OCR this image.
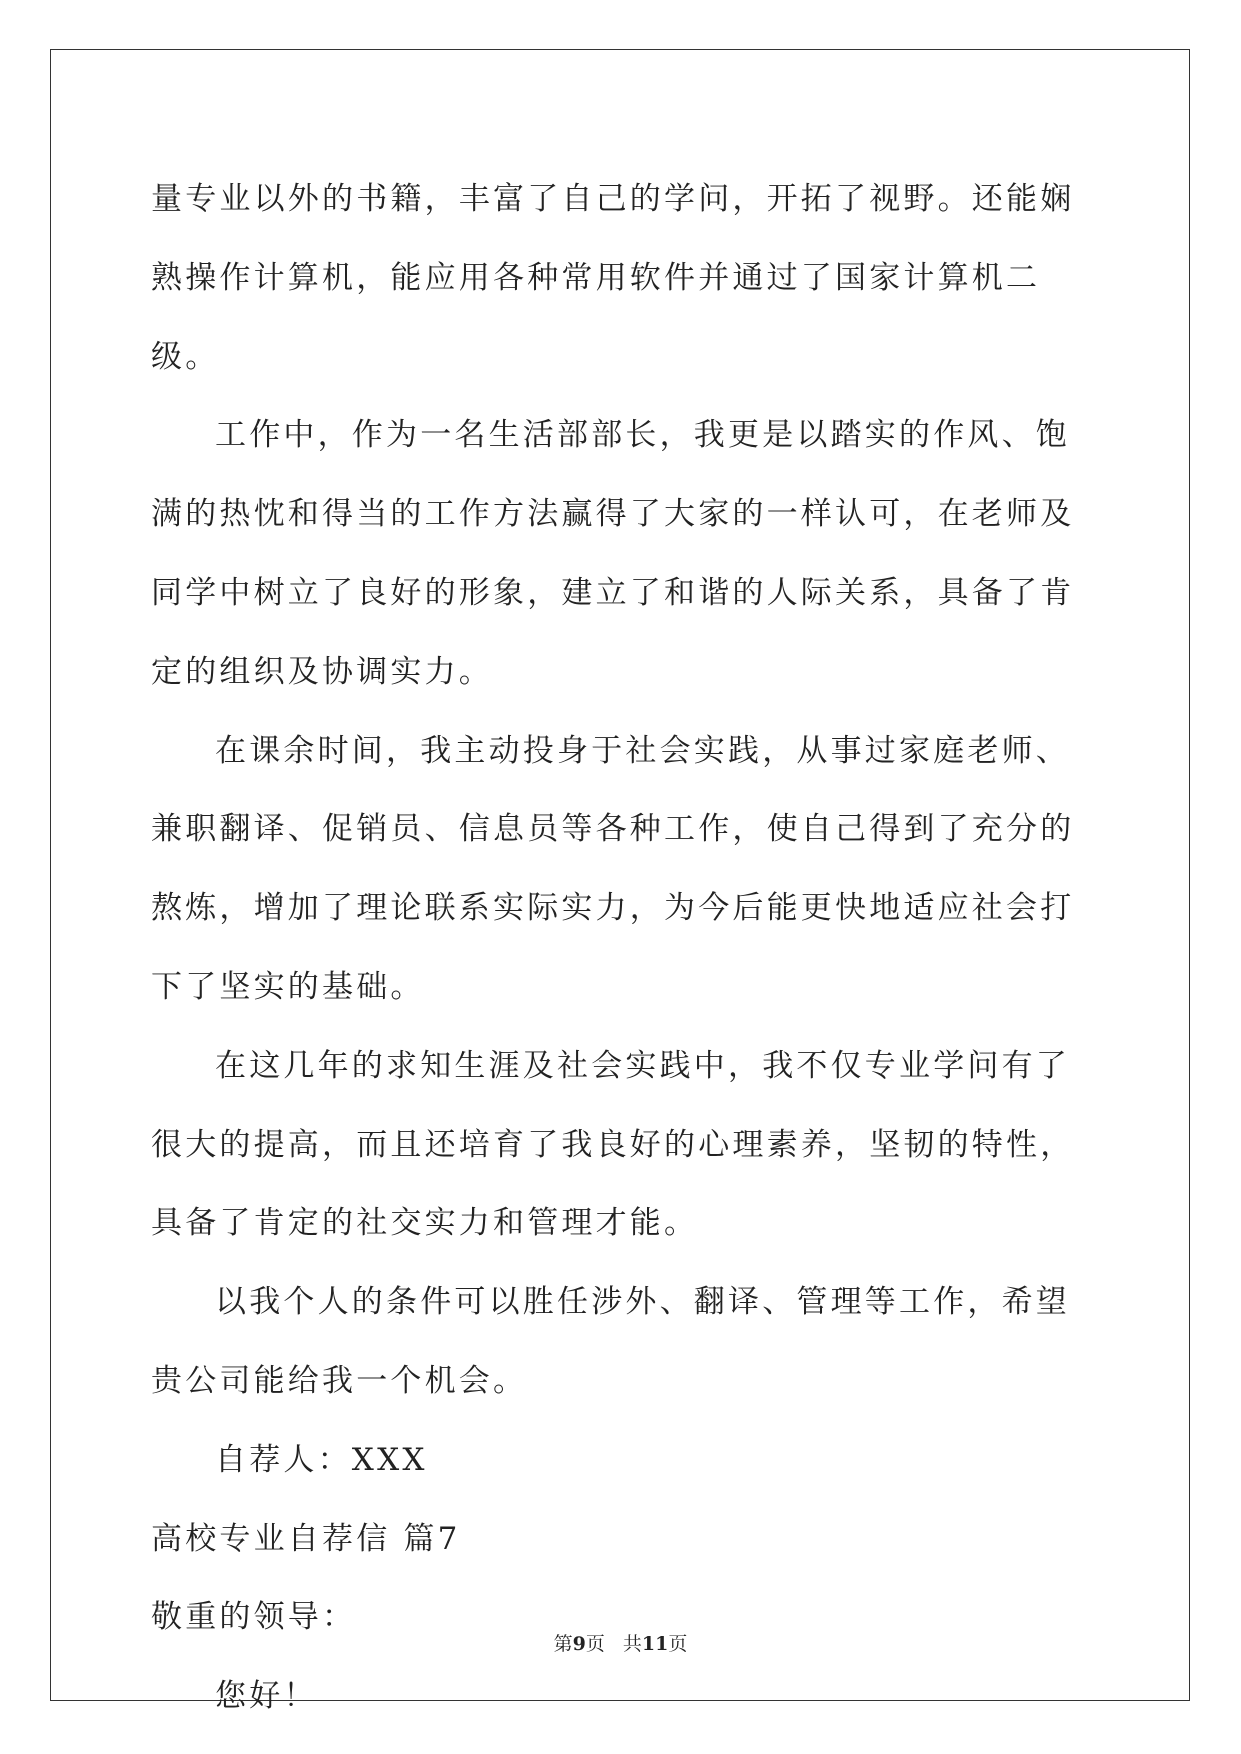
量专业以外的书籍，丰富了自己的学问，开拓了视野。还能娴熟操作计算机，能应用各种常用软件并通过了国家计算机二级。

工作中，作为一名生活部部长，我更是以踏实的作风、饱满的热忱和得当的工作方法赢得了大家的一样认可，在老师及同学中树立了良好的形象，建立了和谐的人际关系，具备了肯定的组织及协调实力。

在课余时间，我主动投身于社会实践，从事过家庭老师、兼职翻译、促销员、信息员等各种工作，使自己得到了充分的熬炼，增加了理论联系实际实力，为今后能更快地适应社会打下了坚实的基础。

在这几年的求知生涯及社会实践中，我不仅专业学问有了很大的提高，而且还培育了我良好的心理素养，坚韧的特性，具备了肯定的社交实力和管理才能。

以我个人的条件可以胜任涉外、翻译、管理等工作，希望贵公司能给我一个机会。

自荐人：XXX

高校专业自荐信 篇7

敬重的领导：

您好！

第9页 共11页
